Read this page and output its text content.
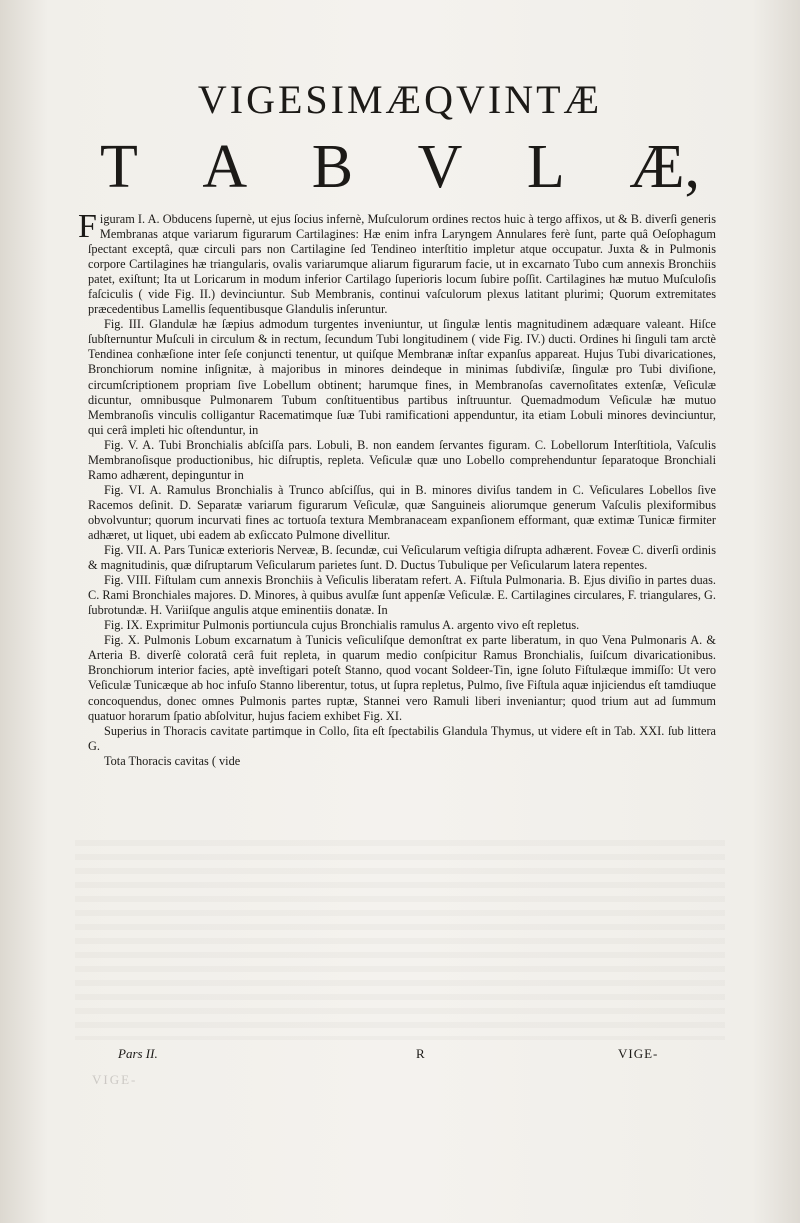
VIGESIMÆQVINTÆ
T A B V L Æ,

Figuram I. A. Obducens ſupernè, ut ejus ſocius infernè, Muſculorum ordines rectos huic à tergo affixos, ut & B. diverſi generis Membranas atque variarum figurarum Cartilagines: Hæ enim infra Laryngem Annulares ferè ſunt, parte quâ Oeſophagum ſpectant exceptâ, quæ circuli pars non Cartilagine ſed Tendineo interſtitio impletur atque occupatur. Juxta & in Pulmonis corpore Cartilagines hæ triangularis, ovalis variarumque aliarum figurarum facie, ut in excarnato Tubo cum annexis Bronchiis patet, exiſtunt; Ita ut Loricarum in modum inferior Cartilago ſuperioris locum ſubire poſſit. Cartilagines hæ mutuo Muſculoſis faſciculis ( vide Fig. II.) devinciuntur. Sub Membranis, continui vaſculorum plexus latitant plurimi; Quorum extremitates præcedentibus Lamellis ſequentibusque Glandulis inſeruntur.

Fig. III. Glandulæ hæ ſæpius admodum turgentes inveniuntur, ut ſingulæ lentis magnitudinem adæquare valeant. Hiſce ſubſternuntur Muſculi in circulum & in rectum, ſecundum Tubi longitudinem ( vide Fig. IV.) ducti. Ordines hi ſinguli tam arctè Tendinea conhæſione inter ſeſe conjuncti tenentur, ut quiſque Membranæ inſtar expanſus appareat. Hujus Tubi divaricationes, Bronchiorum nomine inſignitæ, à majoribus in minores deindeque in minimas ſubdiviſæ, ſingulæ pro Tubi diviſione, circumſcriptionem propriam ſive Lobellum obtinent; harumque fines, in Membranoſas cavernoſitates extenſæ, Veſiculæ dicuntur, omnibusque Pulmonarem Tubum conſtituentibus partibus inſtruuntur. Quemadmodum Veſiculæ hæ mutuo Membranoſis vinculis colligantur Racematimque ſuæ Tubi ramificationi appenduntur, ita etiam Lobuli minores devinciuntur, qui cerâ impleti hic oſtenduntur, in

Fig. V. A. Tubi Bronchialis abſciſſa pars. Lobuli, B. non eandem ſervantes figuram. C. Lobellorum Interſtitiola, Vaſculis Membranoſisque productionibus, hic diſruptis, repleta. Veſiculæ quæ uno Lobello comprehenduntur ſeparatoque Bronchiali Ramo adhærent, depinguntur in

Fig. VI. A. Ramulus Bronchialis à Trunco abſciſſus, qui in B. minores diviſus tandem in C. Veſiculares Lobellos ſive Racemos deſinit. D. Separatæ variarum figurarum Veſiculæ, quæ Sanguineis aliorumque generum Vaſculis plexiformibus obvolvuntur; quorum incurvati fines ac tortuoſa textura Membranaceam expanſionem efformant, quæ extimæ Tunicæ firmiter adhæret, ut liquet, ubi eadem ab exſiccato Pulmone divellitur.

Fig. VII. A. Pars Tunicæ exterioris Nerveæ, B. ſecundæ, cui Veſicularum veſtigia diſrupta adhærent. Foveæ C. diverſi ordinis & magnitudinis, quæ diſruptarum Veſicularum parietes ſunt. D. Ductus Tubulique per Veſicularum latera repentes.

Fig. VIII. Fiſtulam cum annexis Bronchiis à Veſiculis liberatam refert. A. Fiſtula Pulmonaria. B. Ejus diviſio in partes duas. C. Rami Bronchiales majores. D. Minores, à quibus avulſæ ſunt appenſæ Veſiculæ. E. Cartilagines circulares, F. triangulares, G. ſubrotundæ. H. Variiſque angulis atque eminentiis donatæ. In

Fig. IX. Exprimitur Pulmonis portiuncula cujus Bronchialis ramulus A. argento vivo eſt repletus.

Fig. X. Pulmonis Lobum excarnatum à Tunicis veſiculiſque demonſtrat ex parte liberatum, in quo Vena Pulmonaris A. & Arteria B. diverſè coloratâ cerâ fuit repleta, in quarum medio conſpicitur Ramus Bronchialis, ſuiſcum divaricationibus. Bronchiorum interior facies, aptè inveſtigari poteſt Stanno, quod vocant Soldeer-Tin, igne ſoluto Fiſtulæque immiſſo: Ut vero Veſiculæ Tunicæque ab hoc infuſo Stanno liberentur, totus, ut ſupra repletus, Pulmo, ſive Fiſtula aquæ injiciendus eſt tamdiuque concoquendus, donec omnes Pulmonis partes ruptæ, Stannei vero Ramuli liberi inveniantur; quod trium aut ad ſummum quatuor horarum ſpatio abſolvitur, hujus faciem exhibet Fig. XI.

Superius in Thoracis cavitate partimque in Collo, ſita eſt ſpectabilis Glandula Thymus, ut videre eſt in Tab. XXI. ſub littera G.

Tota Thoracis cavitas ( vide

Pars II.	R	VIGE-
VIGE-
